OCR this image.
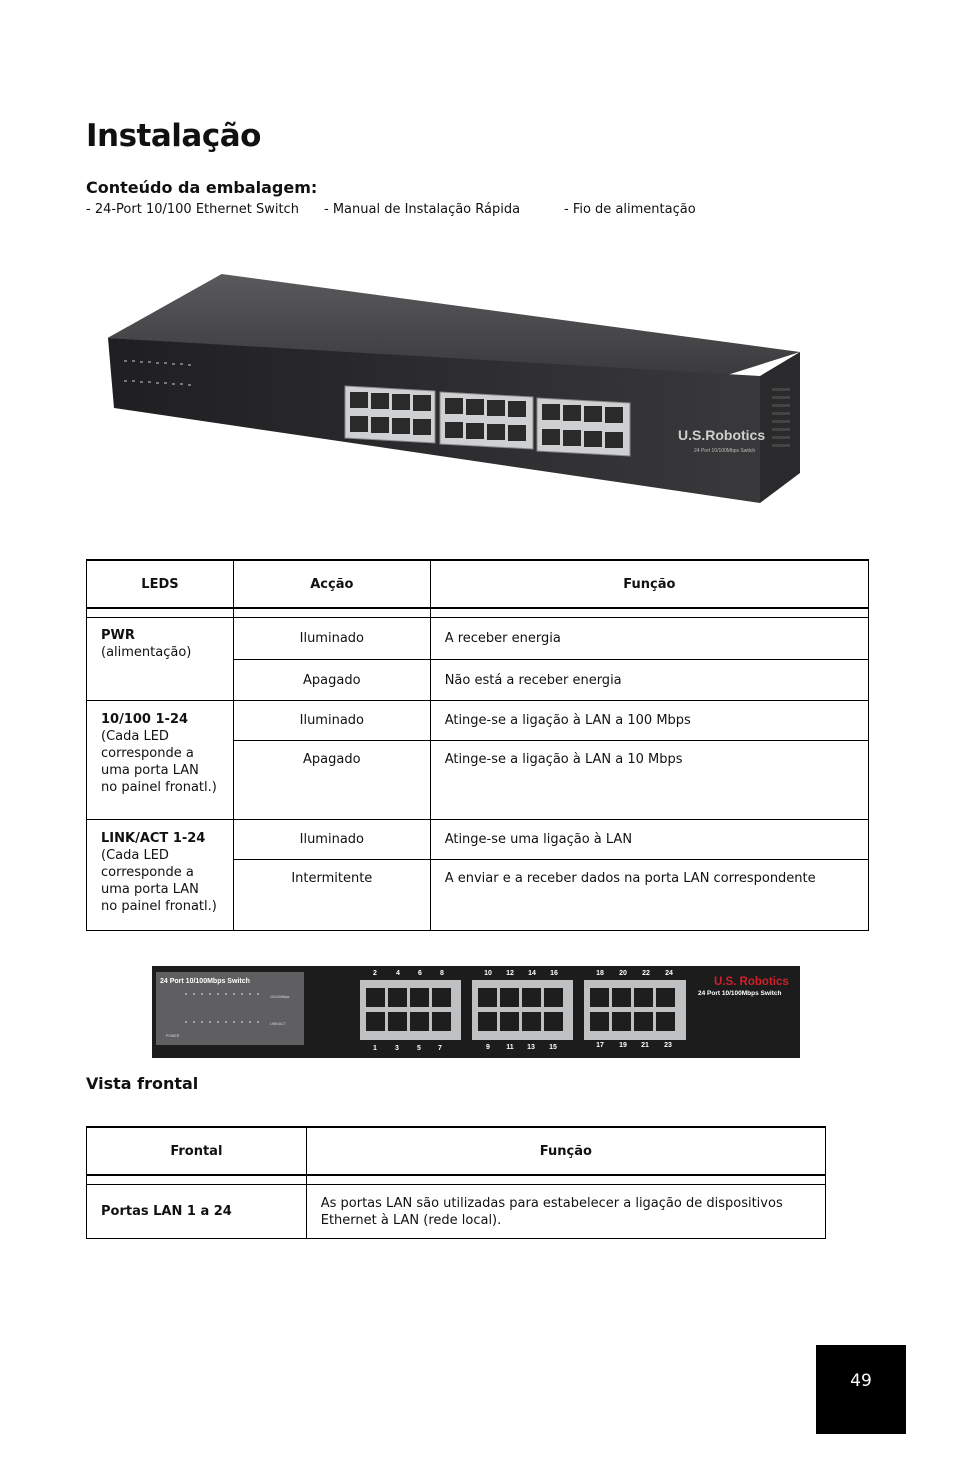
Instalação
Conteúdo da embalagem:
- 24-Port 10/100 Ethernet Switch - Manual de Instalação Rápida	- Fio de alimentação
U.S.Robotics
24 Port 10/100Mbps Switch
LEDS	Acção	Função

PWR (alimentação)	Iluminado	A receber energia
	Apagado	Não está a receber energia
10/100 1-24
(Cada LED corresponde a uma porta LAN no painel fronatl.)	Iluminado	Atinge-se a ligação à LAN a 100 Mbps
	Apagado	Atinge-se a ligação à LAN a 10 Mbps
LINK/ACT 1-24
(Cada LED corresponde a uma porta LAN no painel fronatl.)	Iluminado	Atinge-se uma ligação à LAN
	Intermitente	A enviar e a receber dados na porta LAN correspondente
24 Port 10/100Mbps Switch
10/100Mbps
LINK/ACT
POWER
2	4	6	8	10 12 14 16	18 20 22 24
1	3	5 7	9 11 13 15	17 19 21 23
U.S. Robotics
24 Port 10/100Mbps Switch
Vista frontal
Frontal	Função

Portas LAN 1 a 24	As portas LAN são utilizadas para estabelecer a ligação de dispositivos Ethernet à LAN (rede local).
49
